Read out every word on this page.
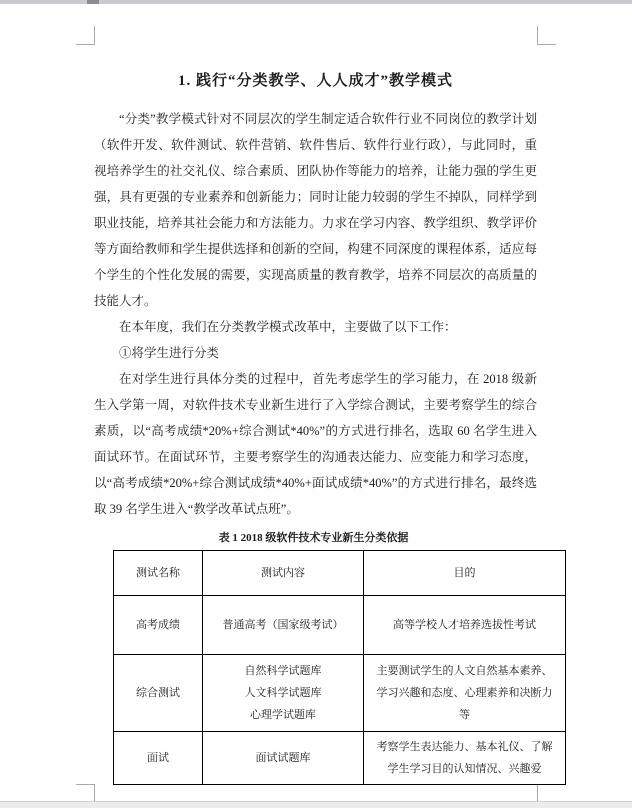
1. 践行“分类教学、人人成才”教学模式

“分类”教学模式针对不同层次的学生制定适合软件行业不同岗位的教学计划（软件开发、软件测试、软件营销、软件售后、软件行业行政），与此同时，重视培养学生的社交礼仪、综合素质、团队协作等能力的培养，让能力强的学生更强，具有更强的专业素养和创新能力；同时让能力较弱的学生不掉队，同样学到职业技能，培养其社会能力和方法能力。力求在学习内容、教学组织、教学评价等方面给教师和学生提供选择和创新的空间，构建不同深度的课程体系，适应每个学生的个性化发展的需要，实现高质量的教育教学，培养不同层次的高质量的技能人才。

在本年度，我们在分类教学模式改革中，主要做了以下工作：

①将学生进行分类

在对学生进行具体分类的过程中，首先考虑学生的学习能力，在 2018 级新生入学第一周，对软件技术专业新生进行了入学综合测试，主要考察学生的综合素质，以“高考成绩*20%+综合测试*40%”的方式进行排名，选取 60 名学生进入面试环节。在面试环节，主要考察学生的沟通表达能力、应变能力和学习态度，以“高考成绩*20%+综合测试成绩*40%+面试成绩*40%”的方式进行排名，最终选取 39 名学生进入“教学改革试点班”。

表 1 2018 级软件技术专业新生分类依据
测试名称	测试内容	目的
高考成绩	普通高考（国家级考试）	高等学校人才培养选拔性考试
综合测试	自然科学试题库
人文科学试题库
心理学试题库	主要测试学生的人文自然基本素养、学习兴趣和态度、心理素养和决断力等
面试	面试试题库	考察学生表达能力、基本礼仪、了解学生学习目的认知情况、兴趣爱
